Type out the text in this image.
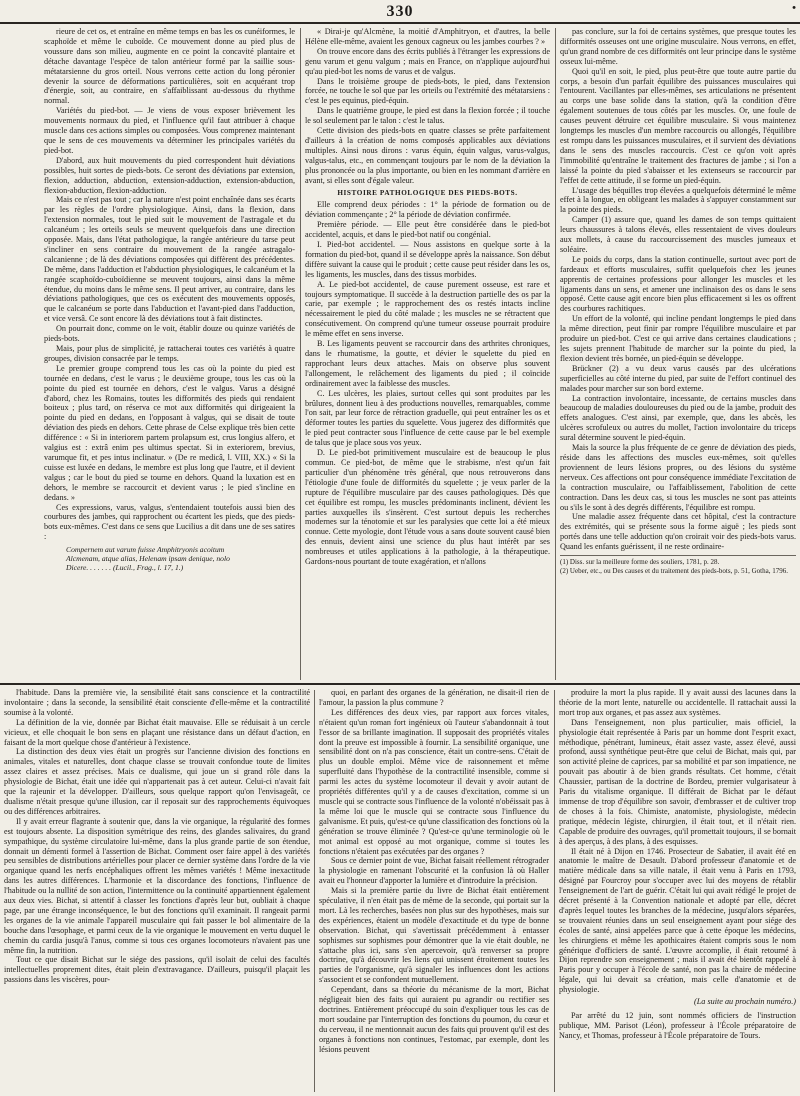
330	•

rieure de cet os, et entraîne en même temps en bas les os cunéiformes, le scaphoïde et même le cuboïde. Ce mouvement donne au pied plus de voussure dans son milieu, augmente en ce point la concavité plantaire et détache davantage l'espèce de talon antérieur formé par la saillie sous-métatarsienne du gros orteil. Nous verrons cette action du long péronier devenir la source de déformations particulières, soit en acquérant trop d'énergie, soit, au contraire, en s'affaiblissant au-dessous du rhythme normal.

Variétés du pied-bot. — Je viens de vous exposer brièvement les mouvements normaux du pied, et l'influence qu'il faut attribuer à chaque muscle dans ces actions simples ou composées. Vous comprenez maintenant que le sens de ces mouvements va déterminer les principales variétés du pied-bot.

D'abord, aux huit mouvements du pied correspondent huit déviations possibles, huit sortes de pieds-bots. Ce seront des déviations par extension, flexion, adduction, abduction, extension-adduction, extension-abduction, flexion-abduction, flexion-adduction.

Mais ce n'est pas tout ; car la nature n'est point enchaînée dans ses écarts par les règles de l'ordre physiologique. Ainsi, dans la flexion, dans l'extension normales, tout le pied suit le mouvement de l'astragale et du calcanéum ; les orteils seuls se meuvent quelquefois dans une direction opposée. Mais, dans l'état pathologique, la rangée antérieure du tarse peut s'incliner en sens contraire du mouvement de la rangée astragalo-calcanienne ; de là des déviations composées qui diffèrent des précédentes. De même, dans l'adduction et l'abduction physiologiques, le calcanéum et la rangée scaphoïdo-cuboïdienne se meuvent toujours, ainsi dans la même étendue, du moins dans le même sens. Il peut arriver, au contraire, dans les déviations pathologiques, que ces os exécutent des mouvements opposés, que le calcanéum se porte dans l'abduction et l'avant-pied dans l'adduction, et vice versâ. Ce sont encore là des déviations tout à fait distinctes.

On pourrait donc, comme on le voit, établir douze ou quinze variétés de pieds-bots.

Mais, pour plus de simplicité, je rattacherai toutes ces variétés à quatre groupes, division consacrée par le temps.

Le premier groupe comprend tous les cas où la pointe du pied est tournée en dedans, c'est le varus ; le deuxième groupe, tous les cas où la pointe du pied est tournée en dehors, c'est le valgus. Varus a désigné d'abord, chez les Romains, toutes les difformités des pieds qui rendaient boiteux ; plus tard, on réserva ce mot aux difformités qui dirigeaient la pointe du pied en dedans, en l'opposant à valgus, qui se disait de toute déviation des pieds en dehors. Cette phrase de Celse explique très bien cette différence : « Si in interiorem partem prolapsum est, crus longius alfero, et valgius est : extrâ enim pes ultimus spectat. Si in exteriorem, brevius, varumque fit, et pes intus inclinatur. » (De re medicâ, l. VIII, XX.) « Si la cuisse est luxée en dedans, le membre est plus long que l'autre, et il devient valgus ; car le bout du pied se tourne en dehors. Quand la luxation est en dehors, le membre se raccourcit et devient varus ; le pied s'incline en dedans. »

Ces expressions, varus, valgus, s'entendaient toutefois aussi bien des courbures des jambes, qui rapprochent ou écartent les pieds, que des pieds-bots eux-mêmes. C'est dans ce sens que Lucilius a dit dans une de ses satires :

Compernem aut varum fuisse Amphitryonis acoitum

Alcmenam, atque alias, Helenam ipsam denique, nolo

Dicere. . . . . . . (Lucil., Frag., l. 17, 1.)

« Dirai-je qu'Alcmène, la moitié d'Amphitryon, et d'autres, la belle Hélène elle-même, avaient les genoux cagneux ou les jambes courbes ? »

On trouve encore dans des écrits publiés à l'étranger les expressions de genu varum et genu valgum ; mais en France, on n'applique aujourd'hui qu'au pied-bot les noms de varus et de valgus.

Dans le troisième groupe de pieds-bots, le pied, dans l'extension forcée, ne touche le sol que par les orteils ou l'extrémité des métatarsiens : c'est le pes equinus, pied-équin.

Dans le quatrième groupe, le pied est dans la flexion forcée ; il touche le sol seulement par le talon : c'est le talus.

Cette division des pieds-bots en quatre classes se prête parfaitement d'ailleurs à la création de noms composés applicables aux déviations multiples. Ainsi nous dirons : varus équin, équin valgus, varus-valgus, valgus-talus, etc., en commençant toujours par le nom de la déviation la plus prononcée ou la plus importante, ou bien en les nommant d'arrière en avant, si elles sont d'égale valeur.

HISTOIRE PATHOLOGIQUE DES PIEDS-BOTS.

Elle comprend deux périodes : 1° la période de formation ou de déviation commençante ; 2° la période de déviation confirmée.

Première période. — Elle peut être considérée dans le pied-bot accidentel, acquis, et dans le pied-bot natif ou congénial.

I. Pied-bot accidentel. — Nous assistons en quelque sorte à la formation du pied-bot, quand il se développe après la naissance. Son début diffère suivant la cause qui le produit ; cette cause peut résider dans les os, les ligaments, les muscles, dans des tissus morbides.

A. Le pied-bot accidentel, de cause purement osseuse, est rare et toujours symptomatique. Il succède à la destruction partielle des os par la carie, par exemple ; le rapprochement des os restés intacts incline nécessairement le pied du côté malade ; les muscles ne se rétractent que consécutivement. On comprend qu'une tumeur osseuse pourrait produire le même effet en sens inverse.

B. Les ligaments peuvent se raccourcir dans des arthrites chroniques, dans le rhumatisme, la goutte, et dévier le squelette du pied en rapprochant leurs deux attaches. Mais on observe plus souvent l'allongement, le relâchement des ligaments du pied ; il coïncide ordinairement avec la faiblesse des muscles.

C. Les ulcères, les plaies, surtout celles qui sont produites par les brûlures, donnent lieu à des productions nouvelles, remarquables, comme l'on sait, par leur force de rétraction graduelle, qui peut entraîner les os et déformer toutes les parties du squelette. Vous jugerez des difformités que le pied peut contracter sous l'influence de cette cause par le bel exemple de talus que je place sous vos yeux.

D. Le pied-bot primitivement musculaire est de beaucoup le plus commun. Ce pied-bot, de même que le strabisme, n'est qu'un fait particulier d'un phénomène très général, que nous retrouverons dans l'étiologie d'une foule de difformités du squelette ; je veux parler de la rupture de l'équilibre musculaire par des causes pathologiques. Dès que cet équilibre est rompu, les muscles prédominants inclinent, dévient les parties auxquelles ils s'insèrent. C'est surtout depuis les recherches modernes sur la ténotomie et sur les paralysies que cette loi a été mieux connue. Cette myologie, dont l'étude vous a sans doute souvent causé bien des ennuis, devient ainsi une science du plus haut intérêt par ses nombreuses et utiles applications à la pathologie, à la thérapeutique. Gardons-nous pourtant de toute exagération, et n'allons

pas conclure, sur la foi de certains systèmes, que presque toutes les difformités osseuses ont une origine musculaire. Nous verrons, en effet, qu'un grand nombre de ces difformités ont leur principe dans le système osseux lui-même.

Quoi qu'il en soit, le pied, plus peut-être que toute autre partie du corps, a besoin d'un parfait équilibre des puissances musculaires qui l'entourent. Vacillantes par elles-mêmes, ses articulations ne présentent au corps une base solide dans la station, qu'à la condition d'être également soutenues de tous côtés par les muscles. Or, une foule de causes peuvent détruire cet équilibre musculaire. Si vous maintenez longtemps les muscles d'un membre raccourcis ou allongés, l'équilibre est rompu dans les puissances musculaires, et il survient des déviations dans le sens des muscles raccourcis. C'est ce qu'on voit après l'immobilité qu'entraîne le traitement des fractures de jambe ; si l'on a laissé la pointe du pied s'abaisser et les extenseurs se raccourcir par l'effet de cette attitude, il se forme un pied-équin.

L'usage des béquilles trop élevées a quelquefois déterminé le même effet à la longue, en obligeant les malades à s'appuyer constamment sur la pointe des pieds.

Camper (1) assure que, quand les dames de son temps quittaient leurs chaussures à talons élevés, elles ressentaient de vives douleurs aux mollets, à cause du raccourcissement des muscles jumeaux et soléaire.

Le poids du corps, dans la station continuelle, surtout avec port de fardeaux et efforts musculaires, suffit quelquefois chez les jeunes apprentis de certaines professions pour allonger les muscles et les ligaments dans un sens, et amener une inclinaison des os dans le sens opposé. Cette cause agit encore bien plus efficacement si les os offrent des courbures rachitiques.

Un effort de la volonté, qui incline pendant longtemps le pied dans la même direction, peut finir par rompre l'équilibre musculaire et par produire un pied-bot. C'est ce qui arrive dans certaines claudications ; les sujets prennent l'habitude de marcher sur la pointe du pied, la flexion devient très bornée, un pied-équin se développe.

Brückner (2) a vu deux varus causés par des ulcérations superficielles au côté interne du pied, par suite de l'effort continuel des malades pour marcher sur son bord externe.

La contraction involontaire, incessante, de certains muscles dans beaucoup de maladies douloureuses du pied ou de la jambe, produit des effets analogues. C'est ainsi, par exemple, que, dans les abcès, les ulcères scrofuleux ou autres du mollet, l'action involontaire du triceps sural détermine souvent le pied-équin.

Mais la source la plus fréquente de ce genre de déviation des pieds, réside dans les affections des muscles eux-mêmes, soit qu'elles proviennent de leurs lésions propres, ou des lésions du système nerveux. Ces affections ont pour conséquence immédiate l'excitation de la contraction musculaire, ou l'affaiblissement, l'abolition de cette contraction. Dans les deux cas, si tous les muscles ne sont pas atteints ou s'ils le sont à des degrés différents, l'équilibre est rompu.

Une maladie assez fréquente dans cet hôpital, c'est la contracture des extrémités, qui se présente sous la forme aiguë ; les pieds sont portés dans une telle adduction qu'on croirait voir des pieds-bots varus. Quand les enfants guérissent, il ne reste ordinaire-

(1) Diss. sur la meilleure forme des souliers, 1781, p. 28.

(2) Ueber, etc., ou Des causes et du traitement des pieds-bots, p. 51, Gotha, 1796.

l'habitude. Dans la première vie, la sensibilité était sans conscience et la contractilité involontaire ; dans la seconde, la sensibilité était consciente d'elle-même et la contractilité soumise à la volonté.

La définition de la vie, donnée par Bichat était mauvaise. Elle se réduisait à un cercle vicieux, et elle choquait le bon sens en plaçant une résistance dans un défaut d'action, en faisant de la mort quelque chose d'antérieur à l'existence.

La distinction des deux vies était un progrès sur l'ancienne division des fonctions en animales, vitales et naturelles, dont chaque classe se trouvait confondue toute de limites assez claires et assez précises. Mais ce dualisme, qui joue un si grand rôle dans la physiologie de Bichat, était une idée qui n'appartenait pas à cet auteur. Celui-ci n'avait fait que la rajeunir et la développer. D'ailleurs, sous quelque rapport qu'on l'envisageât, ce dualisme n'était presque qu'une illusion, car il reposait sur des rapprochements équivoques ou des différences arbitraires.

Il y avait erreur flagrante à soutenir que, dans la vie organique, la régularité des formes est toujours absente. La disposition symétrique des reins, des glandes salivaires, du grand sympathique, du système circulatoire lui-même, dans la plus grande partie de son étendue, donnait un démenti formel à l'assertion de Bichat. Comment oser faire appel à des variétés peu sensibles de distributions artérielles pour placer ce dernier système dans l'ordre de la vie organique quand les nerfs encéphaliques offrent les mêmes variétés ! Même inexactitude dans les autres différences. L'harmonie et la discordance des fonctions, l'influence de l'habitude ou la nullité de son action, l'intermittence ou la continuité appartiennent également aux deux vies. Bichat, si attentif à classer les fonctions d'après leur but, oubliait à chaque page, par une étrange inconséquence, le but des fonctions qu'il examinait. Il rangeait parmi les organes de la vie animale l'appareil musculaire qui fait passer le bol alimentaire de la bouche dans l'œsophage, et parmi ceux de la vie organique le mouvement en vertu duquel le chemin du cardia jusqu'à l'anus, comme si tous ces organes locomoteurs n'avaient pas une même fin, la nutrition.

Tout ce que disait Bichat sur le siége des passions, qu'il isolait de celui des facultés intellectuelles proprement dites, était plein d'extravagance. D'ailleurs, puisqu'il plaçait les passions dans les viscères, pour-

quoi, en parlant des organes de la génération, ne disait-il rien de l'amour, la passion la plus commune ?

Les différences des deux vies, par rapport aux forces vitales, n'étaient qu'un roman fort ingénieux où l'auteur s'abandonnait à tout l'essor de sa brillante imagination. Il supposait des propriétés vitales dont la preuve est impossible à fournir. La sensibilité organique, une sensibilité dont on n'a pas conscience, était un contre-sens. C'était de plus un double emploi. Même vice de raisonnement et même superfluité dans l'hypothèse de la contractilité insensible, comme si parmi les actes du système locomoteur il devait y avoir autant de propriétés différentes qu'il y a de causes d'excitation, comme si un muscle qui se contracte sous l'influence de la volonté n'obéissait pas à la même loi que le muscle qui se contracte sous l'influence du galvanisme. Et puis, qu'est-ce qu'une classification des fonctions où la génération se trouve éliminée ? Qu'est-ce qu'une terminologie où le mot animal est opposé au mot organique, comme si toutes les fonctions n'étaient pas exécutées par des organes ?

Sous ce dernier point de vue, Bichat faisait réellement rétrograder la physiologie en ramenant l'obscurité et la confusion là où Haller avait eu l'honneur d'apporter la lumière et d'introduire la précision.

Mais si la première partie du livre de Bichat était entièrement spéculative, il n'en était pas de même de la seconde, qui portait sur la mort. Là les recherches, basées non plus sur des hypothèses, mais sur des expériences, étaient un modèle d'exactitude et du type de bonne observation. Bichat, qui s'avertissait précédemment à entasser sophismes sur sophismes pour démontrer que la vie était double, ne s'attache plus ici, sans s'en apercevoir, qu'à renverser sa propre doctrine, qu'à découvrir les liens qui unissent étroitement toutes les parties de l'organisme, qu'à signaler les influences dont les actions s'associent et se confondent mutuellement.

Cependant, dans sa théorie du mécanisme de la mort, Bichat négligeait bien des faits qui auraient pu agrandir ou rectifier ses doctrines. Entièrement préoccupé du soin d'expliquer tous les cas de mort soudaine par l'interruption des fonctions du poumon, du cœur et du cerveau, il ne mentionnait aucun des faits qui prouvent qu'il est des organes à fonctions non continues, l'estomac, par exemple, dont les lésions peuvent

produire la mort la plus rapide. Il y avait aussi des lacunes dans la théorie de la mort lente, naturelle ou accidentelle. Il rattachait aussi la mort trop aux organes, et pas assez aux systèmes.

Dans l'enseignement, non plus particulier, mais officiel, la physiologie était représentée à Paris par un homme dont l'esprit exact, méthodique, pénétrant, lumineux, était assez vaste, assez élevé, aussi profond, aussi synthétique peut-être que celui de Bichat, mais qui, par son activité pleine de caprices, par sa mobilité et par son impatience, ne pouvait pas aboutir à de bien grands résultats. Cet homme, c'était Chaussier, partisan de la doctrine de Bordeu, premier vulgarisateur à Paris du vitalisme organique. Il différait de Bichat par le défaut immense de trop d'équilibre son savoir, d'embrasser et de cultiver trop de choses à la fois. Chimiste, anatomiste, physiologiste, médecin pratique, médecin légiste, chirurgien, il était tout, et il n'était rien. Capable de produire des ouvrages, qu'il promettait toujours, il se bornait à des aperçus, à des plans, à des esquisses.

Il était né à Dijon en 1746. Prosecteur de Sabatier, il avait été en anatomie le maître de Desault. D'abord professeur d'anatomie et de matière médicale dans sa ville natale, il était venu à Paris en 1793, désigné par Fourcroy pour s'occuper avec lui des moyens de rétablir l'enseignement de l'art de guérir. C'était lui qui avait rédigé le projet de décret présenté à la Convention nationale et adopté par elle, décret d'après lequel toutes les branches de la médecine, jusqu'alors séparées, se trouvaient réunies dans un seul enseignement ayant pour siége des écoles de santé, ainsi appelées parce que à cette époque les médecins, les chirurgiens et même les apothicaires étaient compris sous le nom générique d'officiers de santé. L'œuvre accomplie, il était retourné à Dijon reprendre son enseignement ; mais il avait été bientôt rappelé à Paris pour y occuper à l'école de santé, non pas la chaire de médecine légale, qui lui devait sa création, mais celle d'anatomie et de physiologie.

(La suite au prochain numéro.)

Par arrêté du 12 juin, sont nommés officiers de l'instruction publique, MM. Parisot (Léon), professeur à l'École préparatoire de Nancy, et Thomas, professeur à l'École préparatoire de Tours.
